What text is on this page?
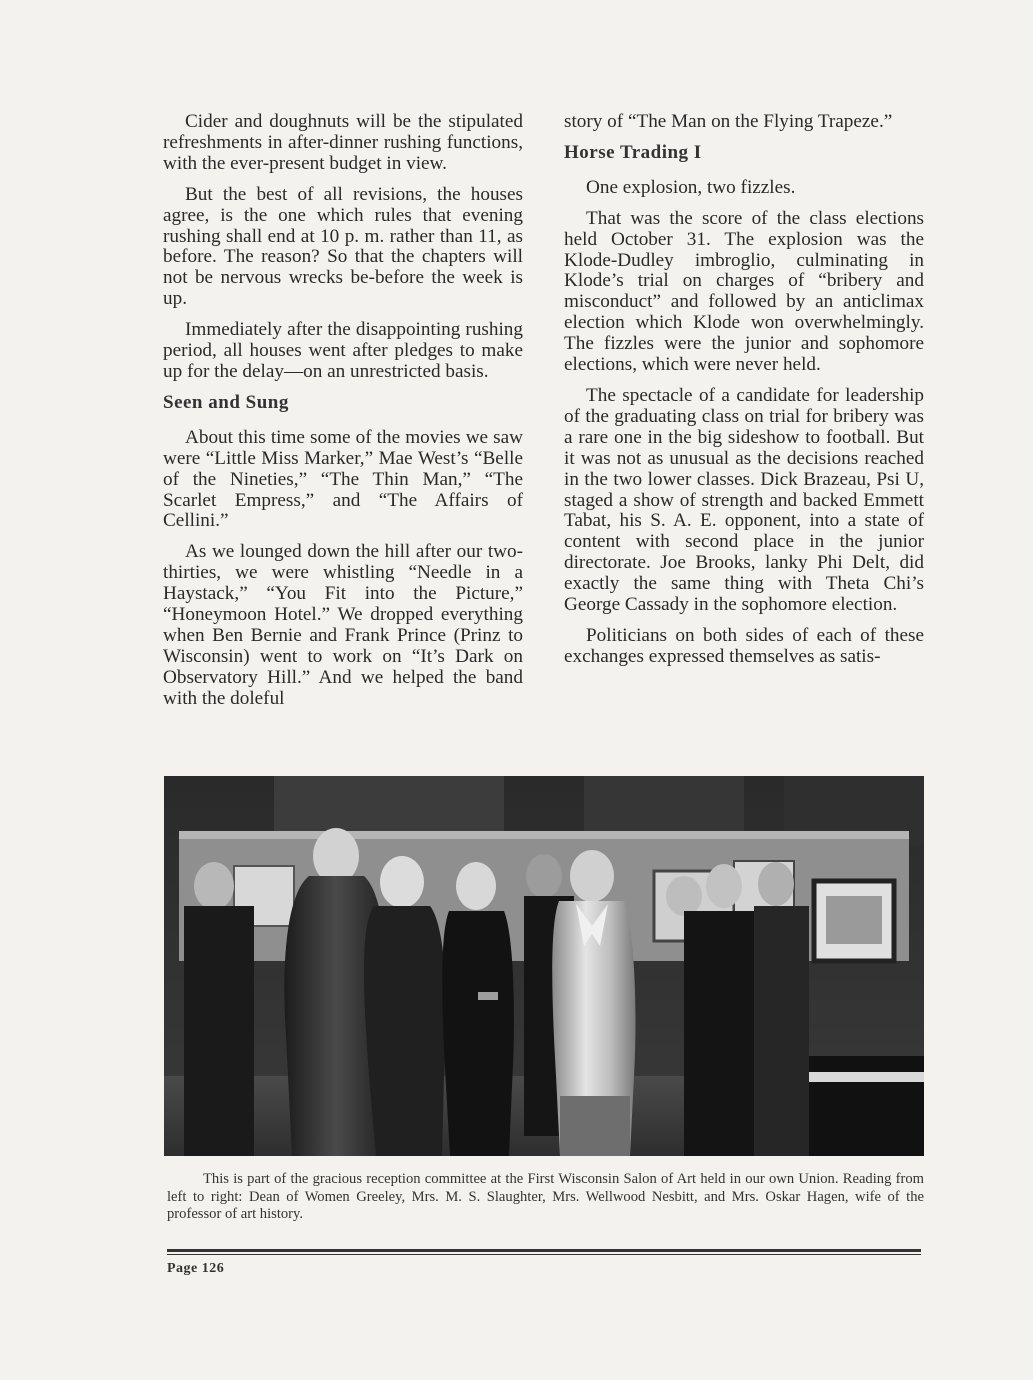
Cider and doughnuts will be the stipulated refreshments in after-dinner rushing functions, with the ever-present budget in view.

But the best of all revisions, the houses agree, is the one which rules that evening rushing shall end at 10 p. m. rather than 11, as before. The reason? So that the chapters will not be nervous wrecks be-before the week is up.

Immediately after the disappointing rushing period, all houses went after pledges to make up for the delay—on an unrestricted basis.

Seen and Sung

About this time some of the movies we saw were “Little Miss Marker,” Mae West’s “Belle of the Nineties,” “The Thin Man,” “The Scarlet Empress,” and “The Affairs of Cellini.”

As we lounged down the hill after our two-thirties, we were whistling “Needle in a Haystack,” “You Fit into the Picture,” “Honeymoon Hotel.” We dropped everything when Ben Bernie and Frank Prince (Prinz to Wisconsin) went to work on “It’s Dark on Observatory Hill.” And we helped the band with the doleful

story of “The Man on the Flying Trapeze.”

Horse Trading I

One explosion, two fizzles.

That was the score of the class elections held October 31. The explosion was the Klode-Dudley imbroglio, culminating in Klode’s trial on charges of “bribery and misconduct” and followed by an anticlimax election which Klode won overwhelmingly. The fizzles were the junior and sophomore elections, which were never held.

The spectacle of a candidate for leadership of the graduating class on trial for bribery was a rare one in the big sideshow to football. But it was not as unusual as the decisions reached in the two lower classes. Dick Brazeau, Psi U, staged a show of strength and backed Emmett Tabat, his S. A. E. opponent, into a state of content with second place in the junior directorate. Joe Brooks, lanky Phi Delt, did exactly the same thing with Theta Chi’s George Cassady in the sophomore election.

Politicians on both sides of each of these exchanges expressed themselves as satis-

This is part of the gracious reception committee at the First Wisconsin Salon of Art held in our own Union. Reading from left to right: Dean of Women Greeley, Mrs. M. S. Slaughter, Mrs. Wellwood Nesbitt, and Mrs. Oskar Hagen, wife of the professor of art history.
Page 126
